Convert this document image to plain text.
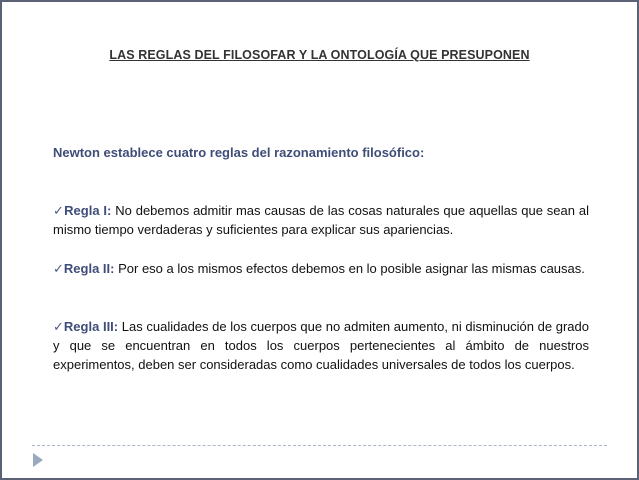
LAS REGLAS DEL FILOSOFAR Y LA ONTOLOGÍA QUE PRESUPONEN
Newton establece cuatro reglas del razonamiento filosófico:
✓Regla I: No debemos admitir mas causas de las cosas naturales que aquellas que sean al mismo tiempo verdaderas y suficientes para explicar sus apariencias.
✓Regla II: Por eso a los mismos efectos debemos en lo posible asignar las mismas causas.
✓Regla III: Las cualidades de los cuerpos que no admiten aumento, ni disminución de grado y que se encuentran en todos los cuerpos pertenecientes al ámbito de nuestros experimentos, deben ser consideradas como cualidades universales de todos los cuerpos.
